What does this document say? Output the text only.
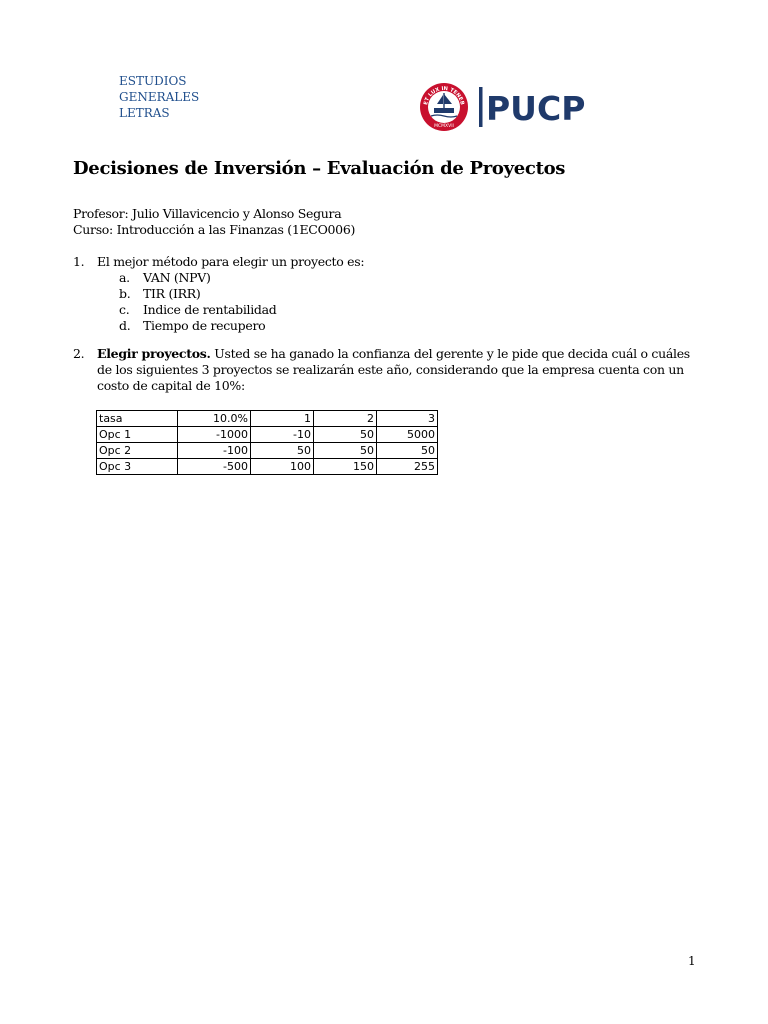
ESTUDIOS
GENERALES
LETRAS
ET LUX IN TENEB
MCMXVII PUCP
Decisiones de Inversión – Evaluación de Proyectos
Profesor: Julio Villavicencio y Alonso Segura
Curso: Introducción a las Finanzas (1ECO006)
1. El mejor método para elegir un proyecto es:
a. VAN (NPV)
b. TIR (IRR)
c. Indice de rentabilidad
d. Tiempo de recupero
2. Elegir proyectos. Usted se ha ganado la confianza del gerente y le pide que decida cuál o cuáles de los siguientes 3 proyectos se realizarán este año, considerando que la empresa cuenta con un costo de capital de 10%:
tasa	10.0%	1	2	3
Opc 1	-1000	-10	50	5000
Opc 2	-100	50	50	50
Opc 3	-500	100	150	255
1
